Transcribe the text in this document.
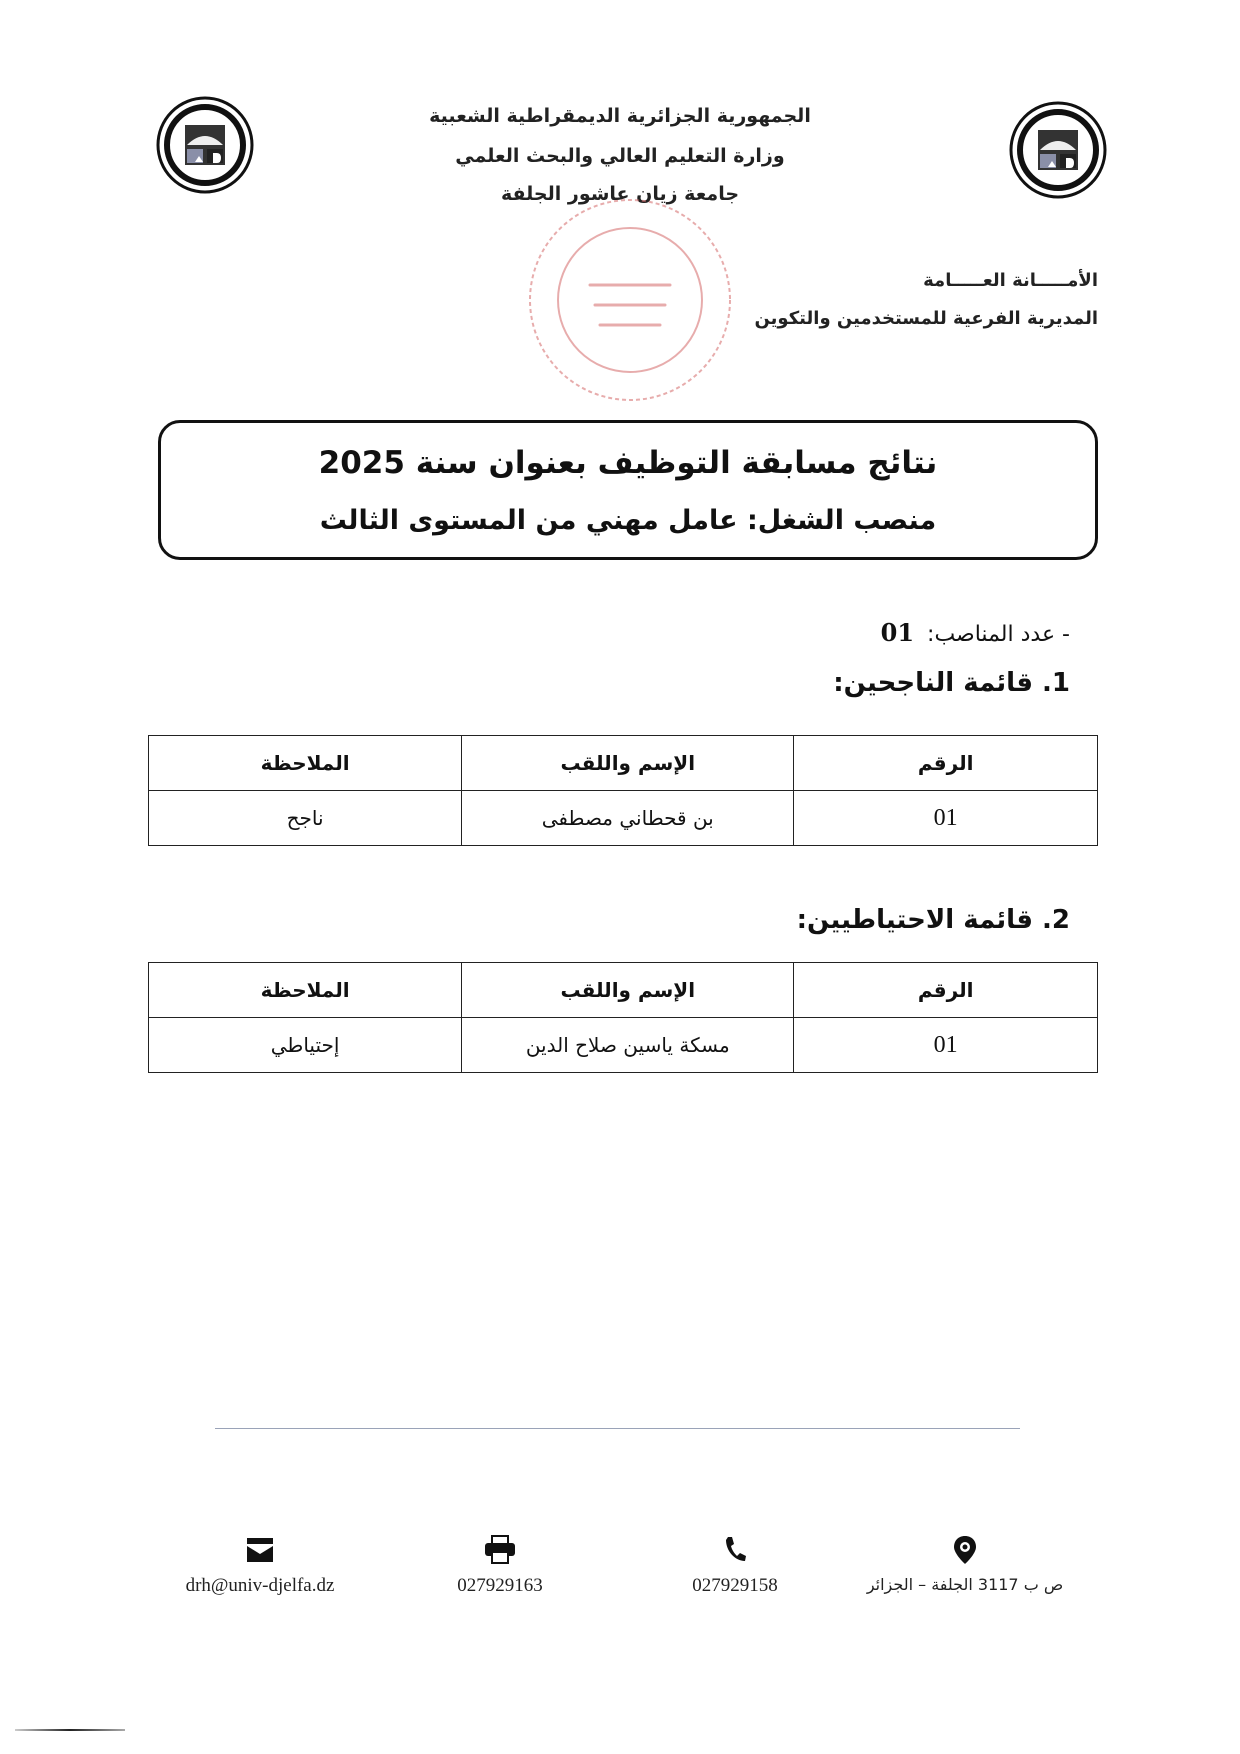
الجمهورية الجزائرية الديمقراطية الشعبية
وزارة التعليم العالي والبحث العلمي
جامعة زيان عاشور الجلفة
الأمـــــانة العـــــامة
المديرية الفرعية للمستخدمين والتكوين
نتائج مسابقة التوظيف بعنوان سنة 2025
منصب الشغل: عامل مهني من المستوى الثالث
- عدد المناصب: 01
1. قائمة الناجحين:
الرقم	الإسم واللقب	الملاحظة
01	بن قحطاني مصطفى	ناجح
2. قائمة الاحتياطيين:
الرقم	الإسم واللقب	الملاحظة
01	مسكة ياسين صلاح الدين	إحتياطي
ص ب 3117 الجلفة – الجزائر
027929158
027929163
drh@univ-djelfa.dz
